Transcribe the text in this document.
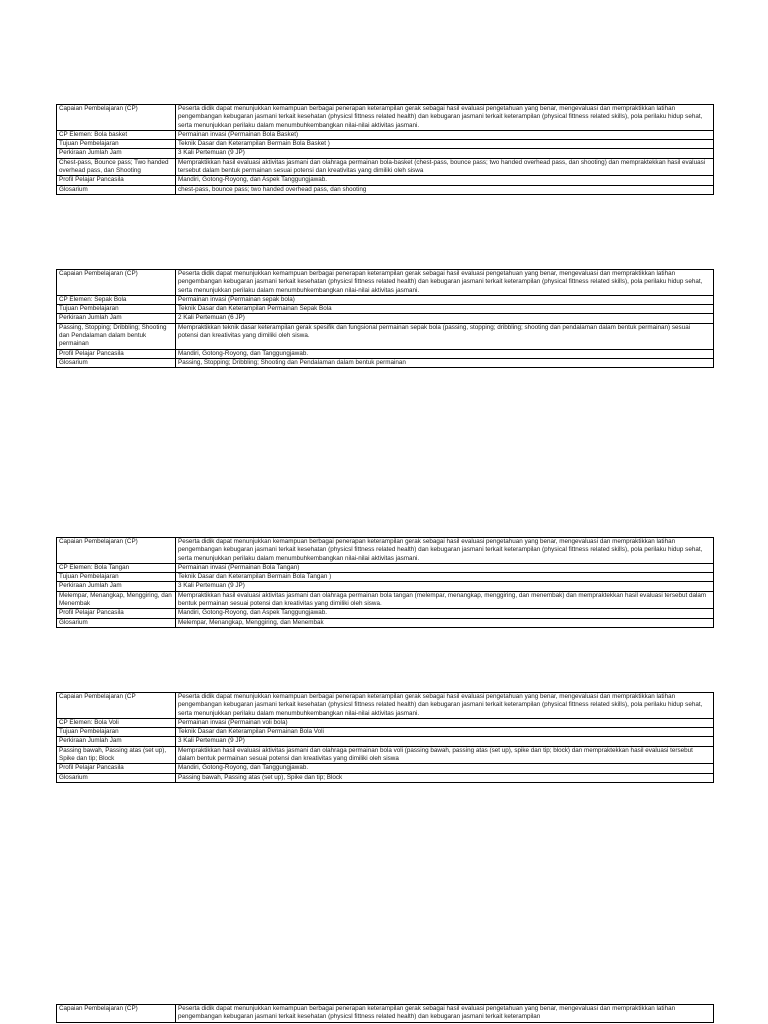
Capaian Pembelajaran (CP)	Peserta didik dapat menunjukkan kemampuan berbagai penerapan keterampilan gerak sebagai hasil evaluasi pengetahuan yang benar, mengevaluasi dan mempraktikkan latihan pengembangan kebugaran jasmani terkait kesehatan (physicsl fittness related health) dan kebugaran jasmani terkait keterampilan (physical fittness related skills), pola perilaku hidup sehat, serta menunjukkan perilaku dalam menumbuhkembangkan nilai-nilai aktivitas jasmani.
CP Elemen: Bola basket	Permainan invasi (Permainan Bola Basket)
Tujuan Pembelajaran	Teknik Dasar dan Keterampilan Bermain Bola Basket )
Perkiraan Jumlah Jam	3 Kali Pertemuan (9 JP)
Chest-pass, Bounce pass; Two handed overhead pass, dan Shooting	Mempraktikkan hasil evaluasi aktivitas jasmani dan olahraga permainan bola-basket (chest-pass, bounce pass; two handed overhead pass, dan shooting) dan mempraktekkan hasil evaluasi tersebut dalam bentuk permainan sesuai potensi dan kreativitas yang dimiliki oleh siswa
Profil Pelajar Pancasila	Mandiri, Gotong-Royong, dan Aspek Tanggungjawab.
Glosarium	chest-pass, bounce pass; two handed overhead pass, dan shooting
Capaian Pembelajaran (CP)	Peserta didik dapat menunjukkan kemampuan berbagai penerapan keterampilan gerak sebagai hasil evaluasi pengetahuan yang benar, mengevaluasi dan mempraktikkan latihan pengembangan kebugaran jasmani terkait kesehatan (physicsl fittness related health) dan kebugaran jasmani terkait keterampilan (physical fittness related skills), pola perilaku hidup sehat, serta menunjukkan perilaku dalam menumbuhkembangkan nilai-nilai aktivitas jasmani.
CP Elemen: Sepak Bola	Permainan invasi (Permainan sepak bola)
Tujuan Pembelajaran	Teknik Dasar dan Keterampilan Permainan Sepak Bola
Perkiraan Jumlah Jam	2 Kali Pertemuan (6 JP)
Passing, Stopping; Dribbling; Shooting dan Pendalaman dalam bentuk permainan	Mempraktikkan teknik dasar keterampilan gerak spesifik dan fungsional permainan sepak bola (passing, stopping; dribbling; shooting dan pendalaman dalam bentuk permainan) sesuai potensi dan kreativitas yang dimiliki oleh siswa.
Profil Pelajar Pancasila	Mandiri, Gotong-Royong, dan Tanggungjawab.
Glosarium	Passing, Stopping; Dribbling; Shooting dan Pendalaman dalam bentuk permainan
Capaian Pembelajaran (CP)	Peserta didik dapat menunjukkan kemampuan berbagai penerapan keterampilan gerak sebagai hasil evaluasi pengetahuan yang benar, mengevaluasi dan mempraktikkan latihan pengembangan kebugaran jasmani terkait kesehatan (physicsl fittness related health) dan kebugaran jasmani terkait keterampilan (physical fittness related skills), pola perilaku hidup sehat, serta menunjukkan perilaku dalam menumbuhkembangkan nilai-nilai aktivitas jasmani.
CP Elemen: Bola Tangan	Permainan invasi (Permainan Bola Tangan)
Tujuan Pembelajaran	Teknik Dasar dan Keterampilan Bermain Bola Tangan )
Perkiraan Jumlah Jam	3 Kali Pertemuan (9 JP)
Melempar, Menangkap, Menggiring, dan Menembak	Mempraktikkan hasil evaluasi aktivitas jasmani dan olahraga permainan bola tangan (melempar, menangkap, menggiring, dan menembak) dan mempraktekkan hasil evaluasi tersebut dalam bentuk permainan sesuai potensi dan kreativitas yang dimiliki oleh siswa.
Profil Pelajar Pancasila	Mandiri, Gotong-Royong, dan Aspek Tanggungjawab.
Glosarium	Melempar, Menangkap, Menggiring, dan Menembak
Capaian Pembelajaran (CP	Peserta didik dapat menunjukkan kemampuan berbagai penerapan keterampilan gerak sebagai hasil evaluasi pengetahuan yang benar, mengevaluasi dan mempraktikkan latihan pengembangan kebugaran jasmani terkait kesehatan (physicsl fittness related health) dan kebugaran jasmani terkait keterampilan (physical fittness related skills), pola perilaku hidup sehat, serta menunjukkan perilaku dalam menumbuhkembangkan nilai-nilai aktivitas jasmani.
CP Elemen: Bola Voli	Permainan invasi (Permainan voli bola)
Tujuan Pembelajaran	Teknik Dasar dan Keterampilan Permainan Bola Voli
Perkiraan Jumlah Jam	3 Kali Pertemuan (9 JP)
Passing bawah, Passing atas (set up), Spike dan tip; Block	Mempraktikkan hasil evaluasi aktivitas jasmani dan olahraga permainan bola voli (passing bawah, passing atas (set up), spike dan tip; block) dan mempraktekkan hasil evaluasi tersebut dalam bentuk permainan sesuai potensi dan kreativitas yang dimiliki oleh siswa
Profil Pelajar Pancasila	Mandiri, Gotong-Royong, dan Tanggungjawab.
Glosarium	Passing bawah, Passing atas (set up), Spike dan tip; Block
Capaian Pembelajaran (CP)	Peserta didik dapat menunjukkan kemampuan berbagai penerapan keterampilan gerak sebagai hasil evaluasi pengetahuan yang benar, mengevaluasi dan mempraktikkan latihan pengembangan kebugaran jasmani terkait kesehatan (physicsl fittness related health) dan kebugaran jasmani terkait keterampilan
